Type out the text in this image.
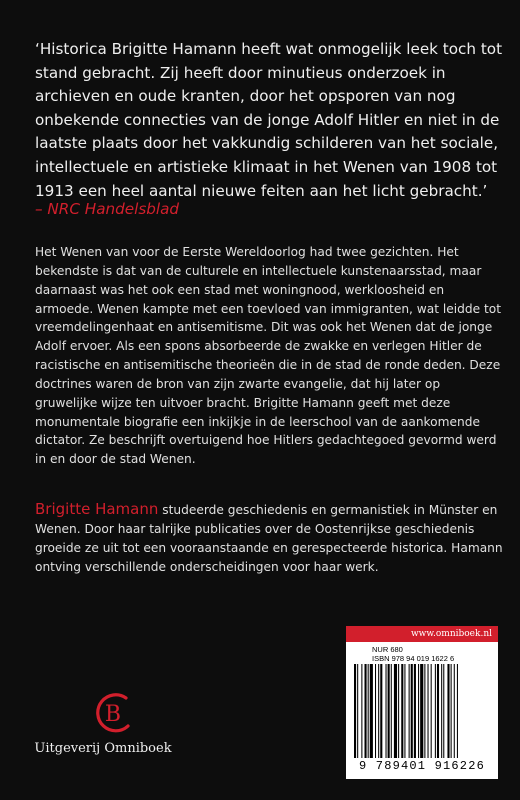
‘Historica Brigitte Hamann heeft wat onmogelijk leek toch tot stand gebracht. Zij heeft door minutieus onderzoek in archieven en oude kranten, door het opsporen van nog onbekende connecties van de jonge Adolf Hitler en niet in de laatste plaats door het vakkundig schilderen van het sociale, intellectuele en artistieke klimaat in het Wenen van 1908 tot 1913 een heel aantal nieuwe feiten aan het licht gebracht.’
– NRC Handelsblad
Het Wenen van voor de Eerste Wereldoorlog had twee gezichten. Het bekendste is dat van de culturele en intellectuele kunstenaarsstad, maar daarnaast was het ook een stad met woningnood, werkloosheid en armoede. Wenen kampte met een toevloed van immigranten, wat leidde tot vreemdelingenhaat en antisemitisme. Dit was ook het Wenen dat de jonge Adolf ervoer. Als een spons absorbeerde de zwakke en verlegen Hitler de racistische en antisemitische theorieën die in de stad de ronde deden. Deze doctrines waren de bron van zijn zwarte evangelie, dat hij later op gruwelijke wijze ten uitvoer bracht. Brigitte Hamann geeft met deze monumentale biografie een inkijkje in de leerschool van de aankomende dictator. Ze beschrijft overtuigend hoe Hitlers gedachtegoed gevormd werd in en door de stad Wenen.
Brigitte Hamann studeerde geschiedenis en germanistiek in Münster en Wenen. Door haar talrijke publicaties over de Oostenrijkse geschiedenis groeide ze uit tot een vooraanstaande en gerespecteerde historica. Hamann ontving verschillende onderscheidingen voor haar werk.
B
Uitgeverij Omniboek
www.omniboek.nl
NUR 680
ISBN 978 94 019 1622 6
9 789401 916226
